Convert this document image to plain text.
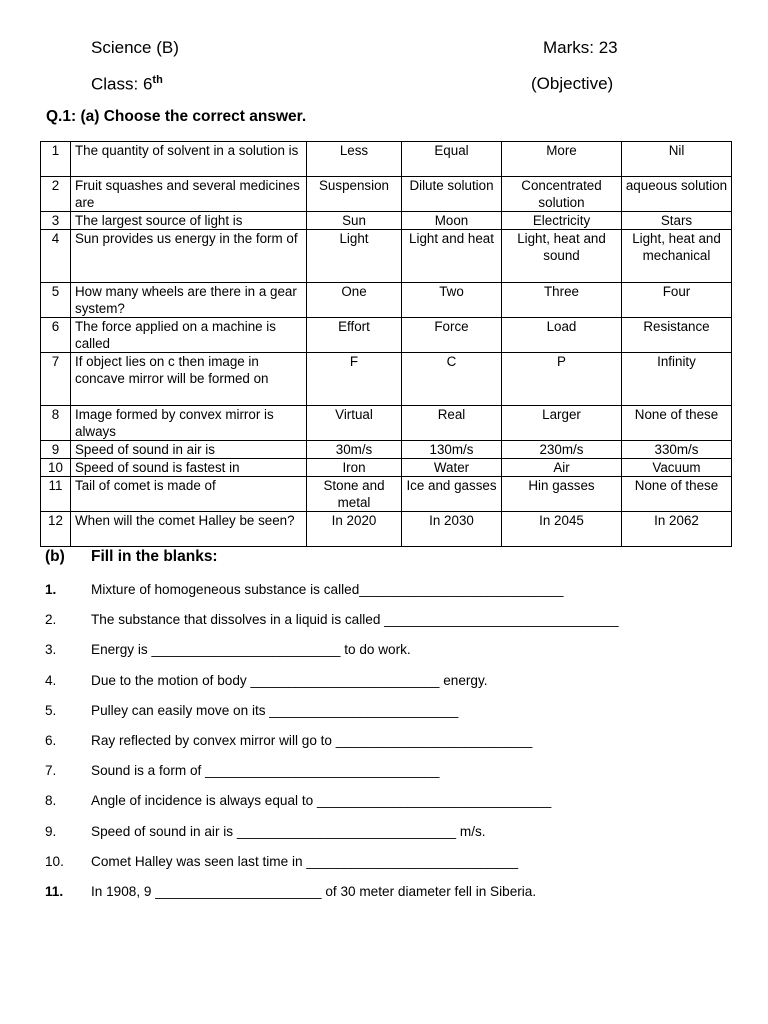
Science (B)	Marks: 23
Class: 6th	(Objective)
Q.1: (a) Choose the correct answer.
1	The quantity of solvent in a solution is	Less	Equal	More	Nil
2	Fruit squashes and several medicines are	Suspension	Dilute solution	Concentrated solution	aqueous solution
3	The largest source of light is	Sun	Moon	Electricity	Stars
4	Sun provides us energy in the form of	Light	Light and heat	Light, heat and sound	Light, heat and mechanical
5	How many wheels are there in a gear system?	One	Two	Three	Four
6	The force applied on a machine is called	Effort	Force	Load	Resistance
7	If object lies on c then image in concave mirror will be formed on	F	C	P	Infinity
8	Image formed by convex mirror is always	Virtual	Real	Larger	None of these
9	Speed of sound in air is	30m/s	130m/s	230m/s	330m/s
10	Speed of sound is fastest in	Iron	Water	Air	Vacuum
11	Tail of comet is made of	Stone and metal	Ice and gasses	Hin gasses	None of these
12	When will the comet Halley be seen?	In 2020	In 2030	In 2045	In 2062
(b) Fill in the blanks:
1.	Mixture of homogeneous substance is called___________________________
2.	The substance that dissolves in a liquid is called _______________________________
3.	Energy is _________________________ to do work.
4.	Due to the motion of body _________________________ energy.
5.	Pulley can easily move on its _________________________
6.	Ray reflected by convex mirror will go to __________________________
7.	Sound is a form of _______________________________
8.	Angle of incidence is always equal to _______________________________
9.	Speed of sound in air is _____________________________ m/s.
10. Comet Halley was seen last time in ____________________________
11. In 1908, 9 ______________________ of 30 meter diameter fell in Siberia.
